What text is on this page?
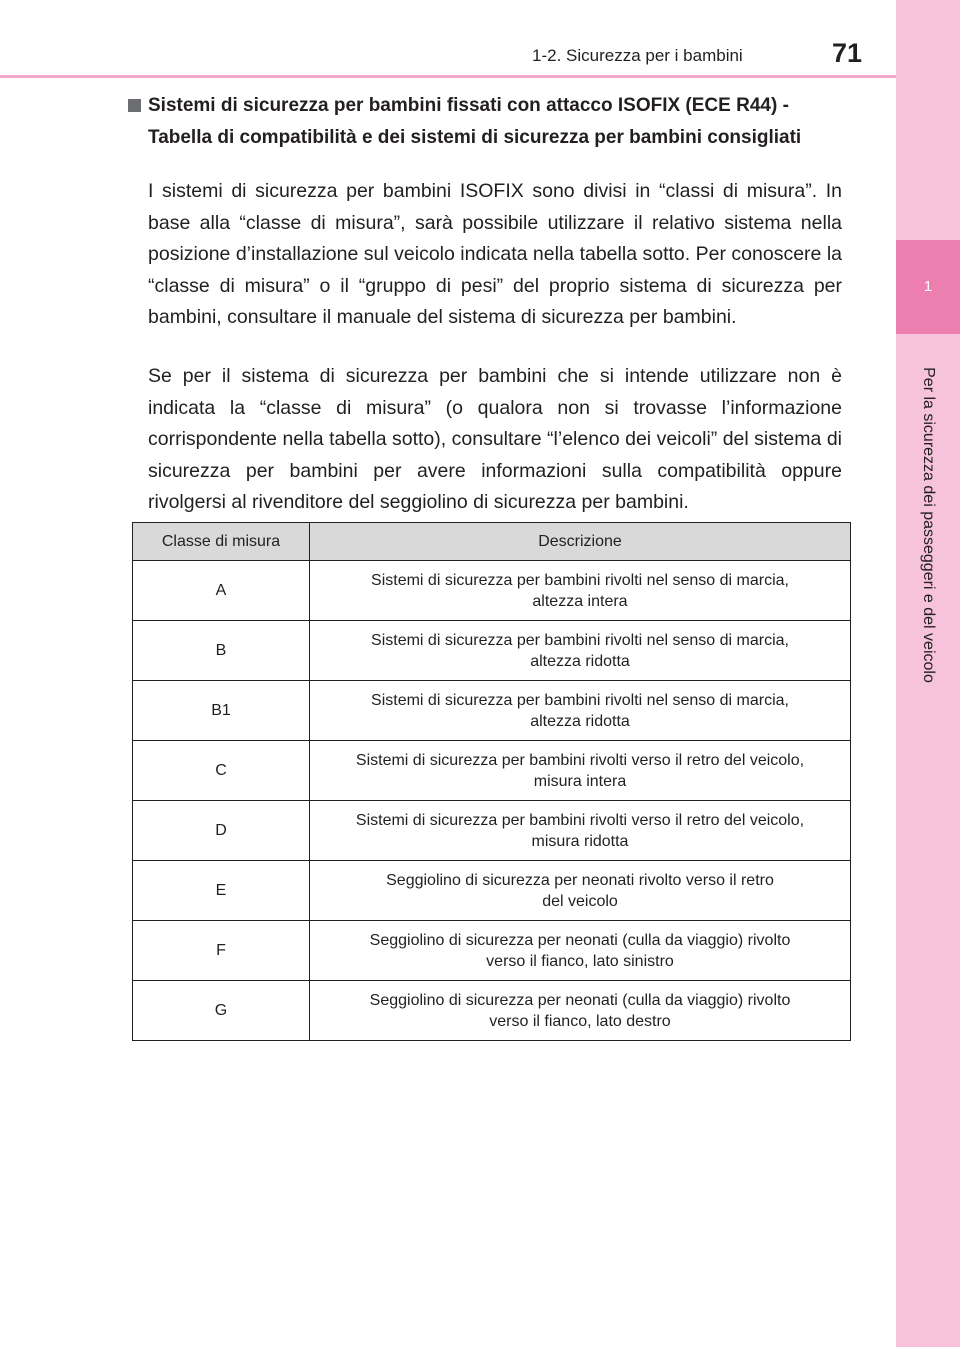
1-2. Sicurezza per i bambini	71
1
Per la sicurezza dei passeggeri e del veicolo
Sistemi di sicurezza per bambini fissati con attacco ISOFIX (ECE R44) - Tabella di compatibilità e dei sistemi di sicurezza per bambini consigliati
I sistemi di sicurezza per bambini ISOFIX sono divisi in “classi di misura”. In base alla “classe di misura”, sarà possibile utilizzare il relativo sistema nella posizione d’installazione sul veicolo indicata nella tabella sotto. Per conoscere la “classe di misura” o il “gruppo di pesi” del proprio sistema di sicurezza per bambini, consultare il manuale del sistema di sicurezza per bambini.
Se per il sistema di sicurezza per bambini che si intende utilizzare non è indicata la “classe di misura” (o qualora non si trovasse l’informazione corrispondente nella tabella sotto), consultare “l’elenco dei veicoli” del sistema di sicurezza per bambini per avere informazioni sulla compatibilità oppure rivolgersi al rivenditore del seggiolino di sicurezza per bambini.
Classe di misura	Descrizione
A	Sistemi di sicurezza per bambini rivolti nel senso di marcia,
altezza intera
B	Sistemi di sicurezza per bambini rivolti nel senso di marcia,
altezza ridotta
B1	Sistemi di sicurezza per bambini rivolti nel senso di marcia,
altezza ridotta
C	Sistemi di sicurezza per bambini rivolti verso il retro del veicolo,
misura intera
D	Sistemi di sicurezza per bambini rivolti verso il retro del veicolo,
misura ridotta
E	Seggiolino di sicurezza per neonati rivolto verso il retro
del veicolo
F	Seggiolino di sicurezza per neonati (culla da viaggio) rivolto
verso il fianco, lato sinistro
G	Seggiolino di sicurezza per neonati (culla da viaggio) rivolto
verso il fianco, lato destro
